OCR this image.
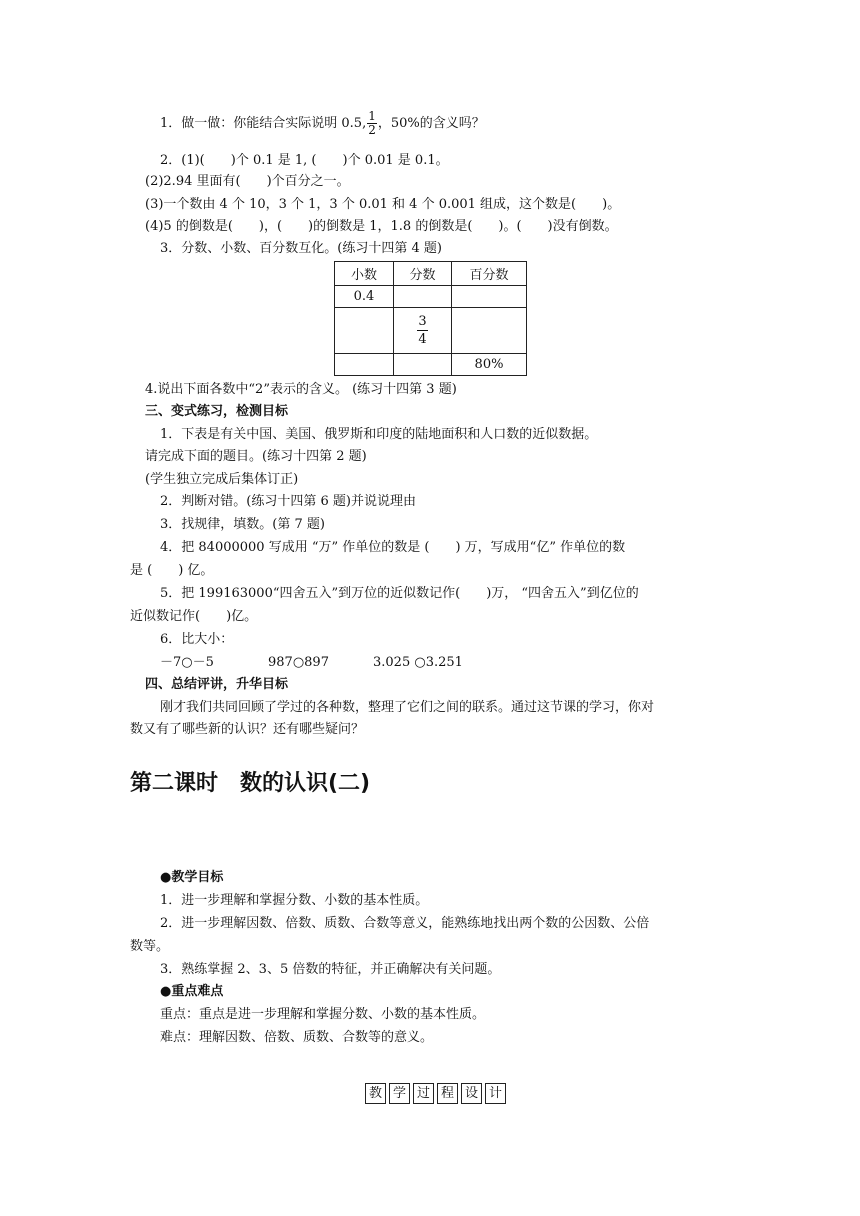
1．做一做：你能结合实际说明 0.5, $\frac{1}{2}$ ，50%的含义吗？
2．(1)(　　)个 0.1 是 1, (　　)个 0.01 是 0.1。
(2)2.94 里面有(　　)个百分之一。
(3)一个数由 4 个 10，3 个 1，3 个 0.01 和 4 个 0.001 组成，这个数是(　　)。
(4)5 的倒数是(　　)，(　　)的倒数是 1，1.8 的倒数是(　　)。(　　)没有倒数。
3．分数、小数、百分数互化。(练习十四第 4 题)
小数	分数	百分数
0.4		

	$\frac{3}{4}$

		80%
4.说出下面各数中“2”表示的含义。 (练习十四第 3 题)
三、变式练习，检测目标
1．下表是有关中国、美国、俄罗斯和印度的陆地面积和人口数的近似数据。
请完成下面的题目。(练习十四第 2 题)
(学生独立完成后集体订正)
2．判断对错。(练习十四第 6 题)并说说理由
3．找规律，填数。(第 7 题)
4．把 84000000 写成用 “万” 作单位的数是 (　　) 万，写成用“亿” 作单位的数
是 (　　) 亿。
5．把 199163000“四舍五入”到万位的近似数记作(　　)万， “四舍五入”到亿位的
近似数记作(　　)亿。
6．比大小：
－7○－5	987○897	3.025 ○3.251
四、总结评讲，升华目标
刚才我们共同回顾了学过的各种数，整理了它们之间的联系。通过这节课的学习，你对
数又有了哪些新的认识？还有哪些疑问？
第二课时　数的认识(二)
●教学目标
1．进一步理解和掌握分数、小数的基本性质。
2．进一步理解因数、倍数、质数、合数等意义，能熟练地找出两个数的公因数、公倍
数等。
3．熟练掌握 2、3、5 倍数的特征，并正确解决有关问题。
●重点难点
重点：重点是进一步理解和掌握分数、小数的基本性质。
难点：理解因数、倍数、质数、合数等的意义。
教 学 过 程 设 计
